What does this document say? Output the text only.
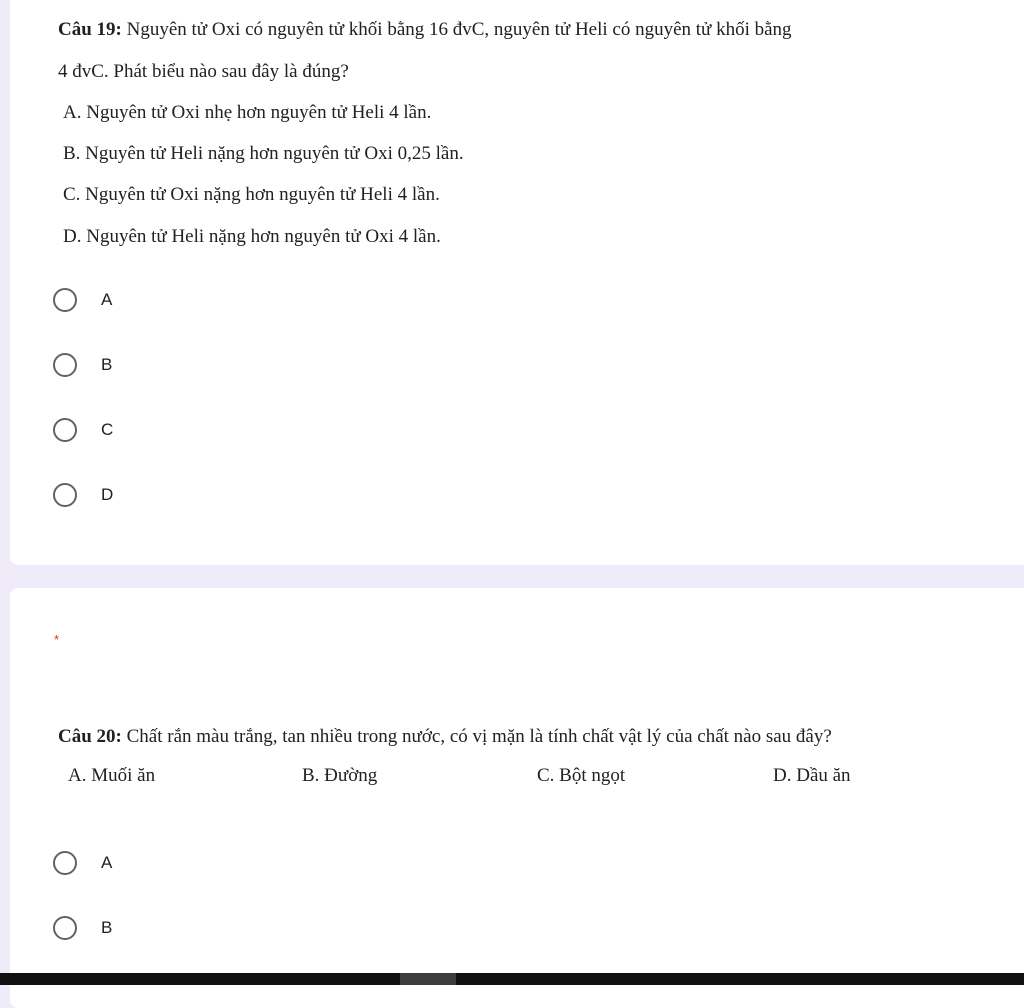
Câu 19: Nguyên tử Oxi có nguyên tử khối bằng 16 đvC, nguyên tử Heli có nguyên tử khối bằng
4 đvC. Phát biểu nào sau đây là đúng?
A. Nguyên tử Oxi nhẹ hơn nguyên tử Heli 4 lần.
B. Nguyên tử Heli nặng hơn nguyên tử Oxi 0,25 lần.
C. Nguyên tử Oxi nặng hơn nguyên tử Heli 4 lần.
D. Nguyên tử Heli nặng hơn nguyên tử Oxi 4 lần.
A
B
C
D
*
Câu 20: Chất rắn màu trắng, tan nhiều trong nước, có vị mặn là tính chất vật lý của chất nào sau đây?
A. Muối ăn	B. Đường	C. Bột ngọt	D. Dầu ăn
A
B
